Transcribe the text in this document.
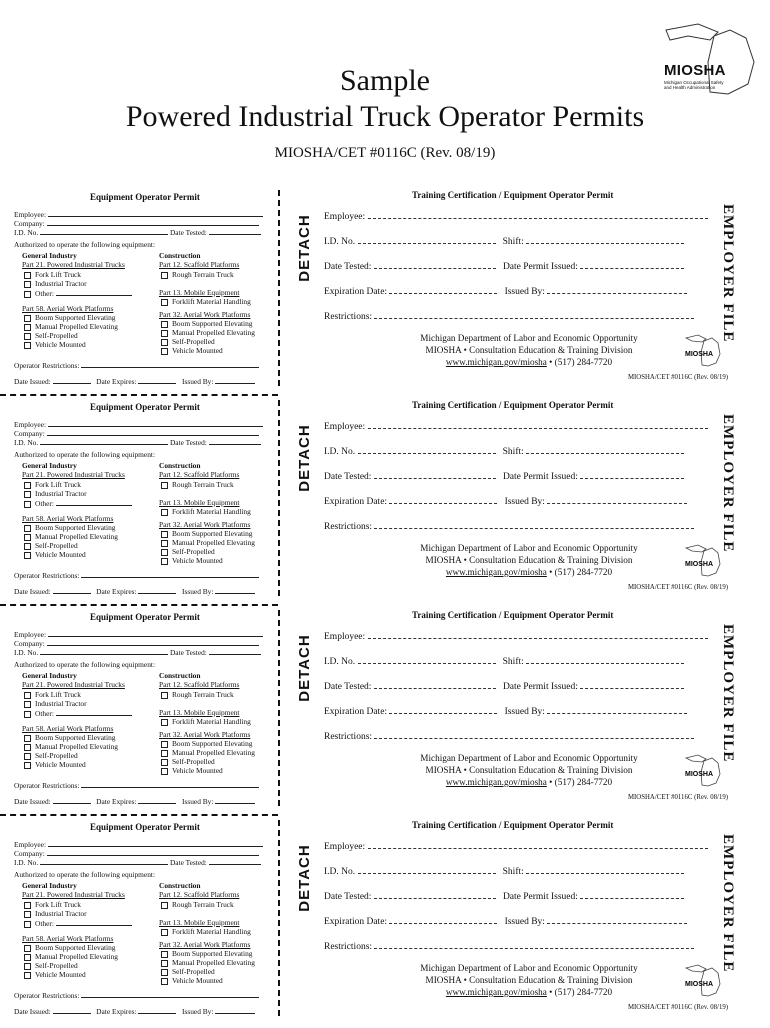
Sample
Powered Industrial Truck Operator Permits
MIOSHA/CET #0116C (Rev. 08/19)
MIOSHA
Michigan Occupational Safety and Health Administration
Equipment Operator Permit
Employee:
Company:
I.D. No.	Date Tested:
Authorized to operate the following equipment:
General Industry
Part 21. Powered Industrial Trucks
Fork Lift Truck
Industrial Tractor
Other:
Part 58. Aerial Work Platforms
Boom Supported Elevating
Manual Propelled Elevating
Self-Propelled
Vehicle Mounted
Construction
Part 12. Scaffold Platforms
Rough Terrain Truck
Part 13. Mobile Equipment
Forklift Material Handling
Part 32. Aerial Work Platforms
Boom Supported Elevating
Manual Propelled Elevating
Self-Propelled
Vehicle Mounted
Operator Restrictions:
Date Issued:	Date Expires:	Issued By:
DETACH
Training Certification / Equipment Operator Permit
Employee:
I.D. No.	Shift:
Date Tested:	Date Permit Issued:
Expiration Date:	Issued By:
Restrictions:
Michigan Department of Labor and Economic Opportunity
MIOSHA • Consultation Education & Training Division
www.michigan.gov/miosha • (517) 284-7720
MIOSHA
MIOSHA/CET #0116C (Rev. 08/19)
EMPLOYER FILE
Equipment Operator Permit
Employee:
Company:
I.D. No.	Date Tested:
Authorized to operate the following equipment:
General Industry
Part 21. Powered Industrial Trucks
Fork Lift Truck
Industrial Tractor
Other:
Part 58. Aerial Work Platforms
Boom Supported Elevating
Manual Propelled Elevating
Self-Propelled
Vehicle Mounted
Construction
Part 12. Scaffold Platforms
Rough Terrain Truck
Part 13. Mobile Equipment
Forklift Material Handling
Part 32. Aerial Work Platforms
Boom Supported Elevating
Manual Propelled Elevating
Self-Propelled
Vehicle Mounted
Operator Restrictions:
Date Issued:	Date Expires:	Issued By:
DETACH
Training Certification / Equipment Operator Permit
Employee:
I.D. No.	Shift:
Date Tested:	Date Permit Issued:
Expiration Date:	Issued By:
Restrictions:
Michigan Department of Labor and Economic Opportunity
MIOSHA • Consultation Education & Training Division
www.michigan.gov/miosha • (517) 284-7720
MIOSHA
MIOSHA/CET #0116C (Rev. 08/19)
EMPLOYER FILE
Equipment Operator Permit
Employee:
Company:
I.D. No.	Date Tested:
Authorized to operate the following equipment:
General Industry
Part 21. Powered Industrial Trucks
Fork Lift Truck
Industrial Tractor
Other:
Part 58. Aerial Work Platforms
Boom Supported Elevating
Manual Propelled Elevating
Self-Propelled
Vehicle Mounted
Construction
Part 12. Scaffold Platforms
Rough Terrain Truck
Part 13. Mobile Equipment
Forklift Material Handling
Part 32. Aerial Work Platforms
Boom Supported Elevating
Manual Propelled Elevating
Self-Propelled
Vehicle Mounted
Operator Restrictions:
Date Issued:	Date Expires:	Issued By:
DETACH
Training Certification / Equipment Operator Permit
Employee:
I.D. No.	Shift:
Date Tested:	Date Permit Issued:
Expiration Date:	Issued By:
Restrictions:
Michigan Department of Labor and Economic Opportunity
MIOSHA • Consultation Education & Training Division
www.michigan.gov/miosha • (517) 284-7720
MIOSHA
MIOSHA/CET #0116C (Rev. 08/19)
EMPLOYER FILE
Equipment Operator Permit
Employee:
Company:
I.D. No.	Date Tested:
Authorized to operate the following equipment:
General Industry
Part 21. Powered Industrial Trucks
Fork Lift Truck
Industrial Tractor
Other:
Part 58. Aerial Work Platforms
Boom Supported Elevating
Manual Propelled Elevating
Self-Propelled
Vehicle Mounted
Construction
Part 12. Scaffold Platforms
Rough Terrain Truck
Part 13. Mobile Equipment
Forklift Material Handling
Part 32. Aerial Work Platforms
Boom Supported Elevating
Manual Propelled Elevating
Self-Propelled
Vehicle Mounted
Operator Restrictions:
Date Issued:	Date Expires:	Issued By:
DETACH
Training Certification / Equipment Operator Permit
Employee:
I.D. No.	Shift:
Date Tested:	Date Permit Issued:
Expiration Date:	Issued By:
Restrictions:
Michigan Department of Labor and Economic Opportunity
MIOSHA • Consultation Education & Training Division
www.michigan.gov/miosha • (517) 284-7720
MIOSHA
MIOSHA/CET #0116C (Rev. 08/19)
EMPLOYER FILE
